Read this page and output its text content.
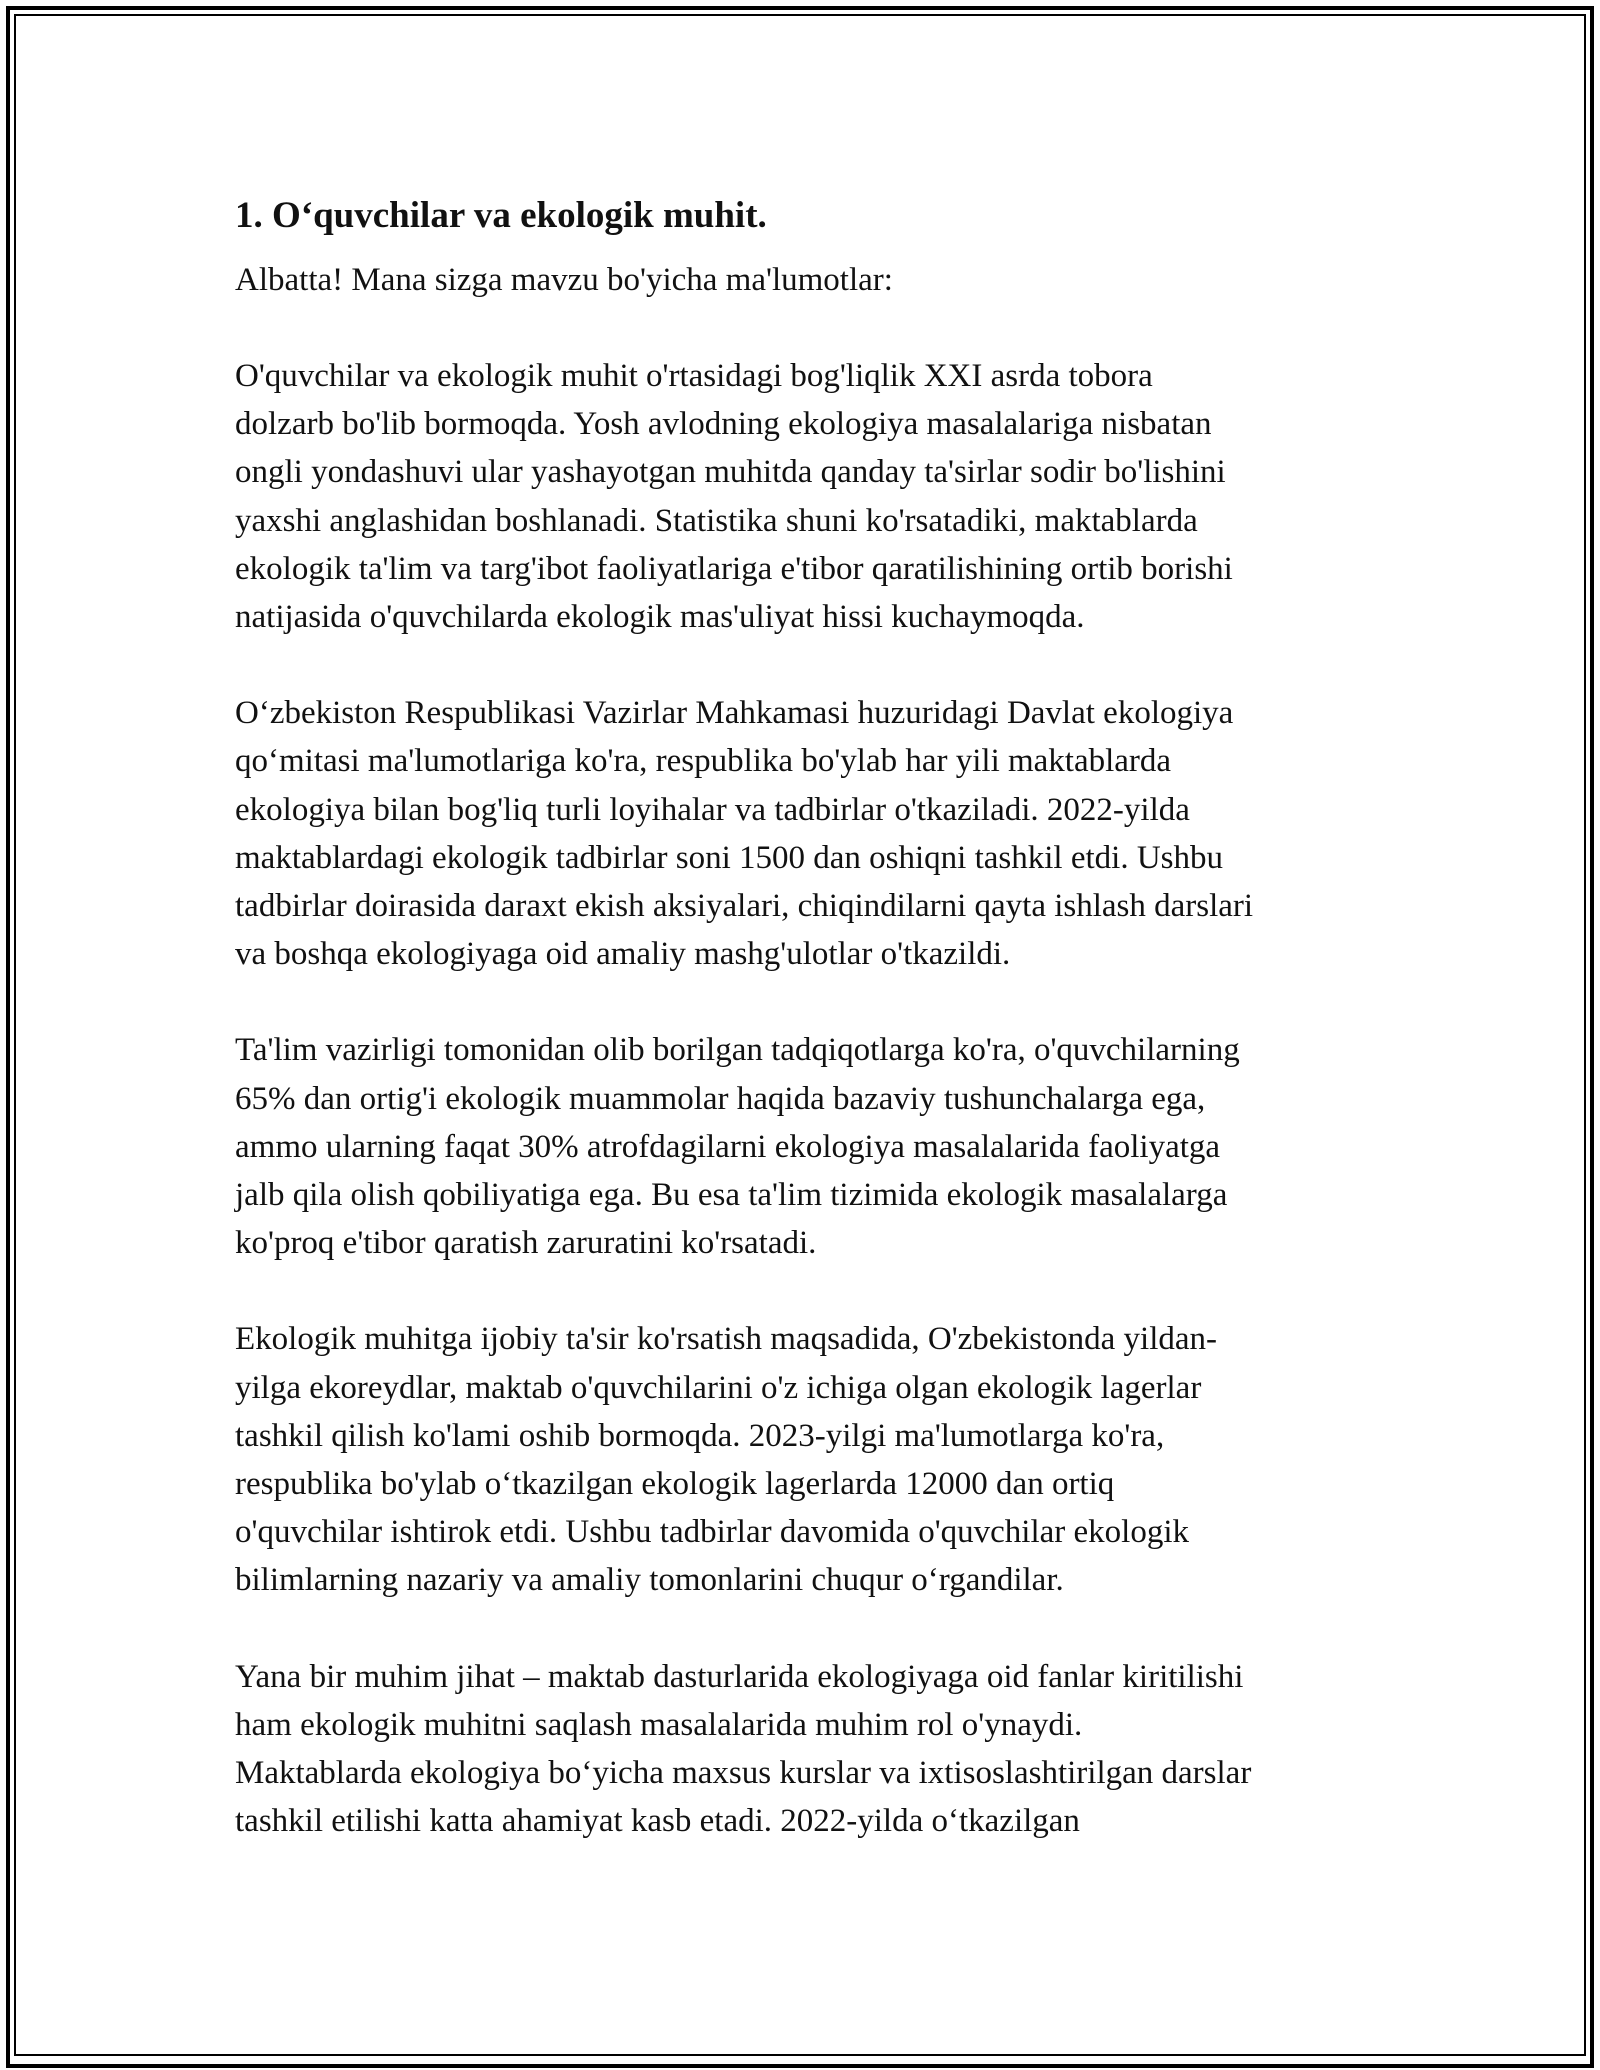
1. O‘quvchilar va ekologik muhit.

Albatta! Mana sizga mavzu bo'yicha ma'lumotlar:

O'quvchilar va ekologik muhit o'rtasidagi bog'liqlik XXI asrda tobora
dolzarb bo'lib bormoqda. Yosh avlodning ekologiya masalalariga nisbatan
ongli yondashuvi ular yashayotgan muhitda qanday ta'sirlar sodir bo'lishini
yaxshi anglashidan boshlanadi. Statistika shuni ko'rsatadiki, maktablarda
ekologik ta'lim va targ'ibot faoliyatlariga e'tibor qaratilishining ortib borishi
natijasida o'quvchilarda ekologik mas'uliyat hissi kuchaymoqda.

O‘zbekiston Respublikasi Vazirlar Mahkamasi huzuridagi Davlat ekologiya
qo‘mitasi ma'lumotlariga ko'ra, respublika bo'ylab har yili maktablarda
ekologiya bilan bog'liq turli loyihalar va tadbirlar o'tkaziladi. 2022-yilda
maktablardagi ekologik tadbirlar soni 1500 dan oshiqni tashkil etdi. Ushbu
tadbirlar doirasida daraxt ekish aksiyalari, chiqindilarni qayta ishlash darslari
va boshqa ekologiyaga oid amaliy mashg'ulotlar o'tkazildi.

Ta'lim vazirligi tomonidan olib borilgan tadqiqotlarga ko'ra, o'quvchilarning
65% dan ortig'i ekologik muammolar haqida bazaviy tushunchalarga ega,
ammo ularning faqat 30% atrofdagilarni ekologiya masalalarida faoliyatga
jalb qila olish qobiliyatiga ega. Bu esa ta'lim tizimida ekologik masalalarga
ko'proq e'tibor qaratish zaruratini ko'rsatadi.

Ekologik muhitga ijobiy ta'sir ko'rsatish maqsadida, O'zbekistonda yildan-
yilga ekoreydlar, maktab o'quvchilarini o'z ichiga olgan ekologik lagerlar
tashkil qilish ko'lami oshib bormoqda. 2023-yilgi ma'lumotlarga ko'ra,
respublika bo'ylab o‘tkazilgan ekologik lagerlarda 12000 dan ortiq
o'quvchilar ishtirok etdi. Ushbu tadbirlar davomida o'quvchilar ekologik
bilimlarning nazariy va amaliy tomonlarini chuqur o‘rgandilar.

Yana bir muhim jihat – maktab dasturlarida ekologiyaga oid fanlar kiritilishi
ham ekologik muhitni saqlash masalalarida muhim rol o'ynaydi.
Maktablarda ekologiya bo‘yicha maxsus kurslar va ixtisoslashtirilgan darslar
tashkil etilishi katta ahamiyat kasb etadi. 2022-yilda o‘tkazilgan
